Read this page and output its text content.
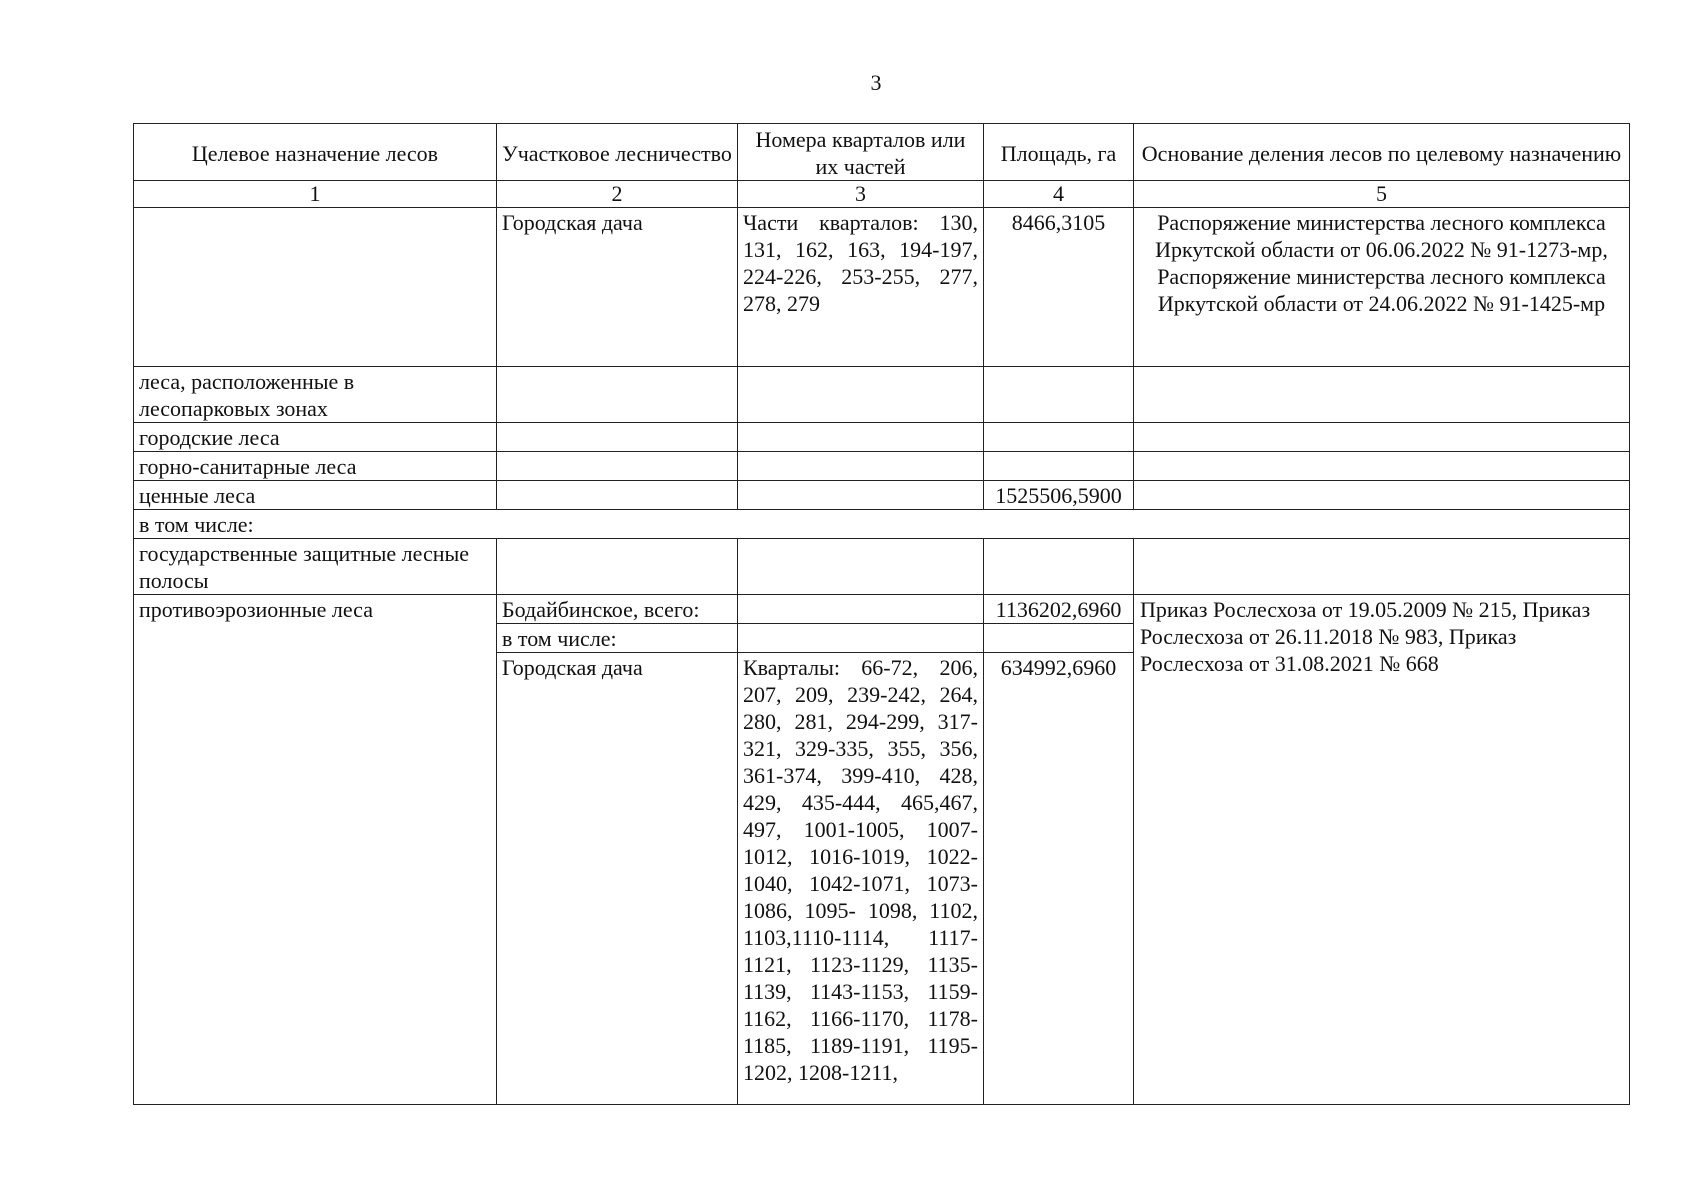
3
Целевое назначение лесов	Участковое лесничество	Номера кварталов или их частей	Площадь, га	Основание деления лесов по целевому назначению
1	2	3	4	5
	Городская дача	Части кварталов: 130, 131, 162, 163, 194-197, 224-226, 253-255, 277, 278, 279	8466,3105	Распоряжение министерства лесного комплекса Иркутской области от 06.06.2022 № 91-1273-мр, Распоряжение министерства лесного комплекса Иркутской области от 24.06.2022 № 91-1425-мр
леса, расположенные в лесопарковых зонах				
городские леса				
горно-санитарные леса				
ценные леса			1525506,5900	
в том числе:				
государственные защитные лесные полосы				
противоэрозионные леса	Бодайбинское, всего:		1136202,6960	Приказ Рослесхоза от 19.05.2009 № 215, Приказ Рослесхоза от 26.11.2018 № 983, Приказ Рослесхоза от 31.08.2021 № 668
	в том числе:			
	Городская дача	Кварталы: 66-72, 206, 207, 209, 239-242, 264, 280, 281, 294-299, 317-321, 329-335, 355, 356, 361-374, 399-410, 428, 429, 435-444, 465,467, 497, 1001-1005, 1007-1012, 1016-1019, 1022-1040, 1042-1071, 1073-1086, 1095- 1098, 1102, 1103,1110-1114, 1117-1121, 1123-1129, 1135-1139, 1143-1153, 1159-1162, 1166-1170, 1178-1185, 1189-1191, 1195-1202, 1208-1211,	634992,6960	
